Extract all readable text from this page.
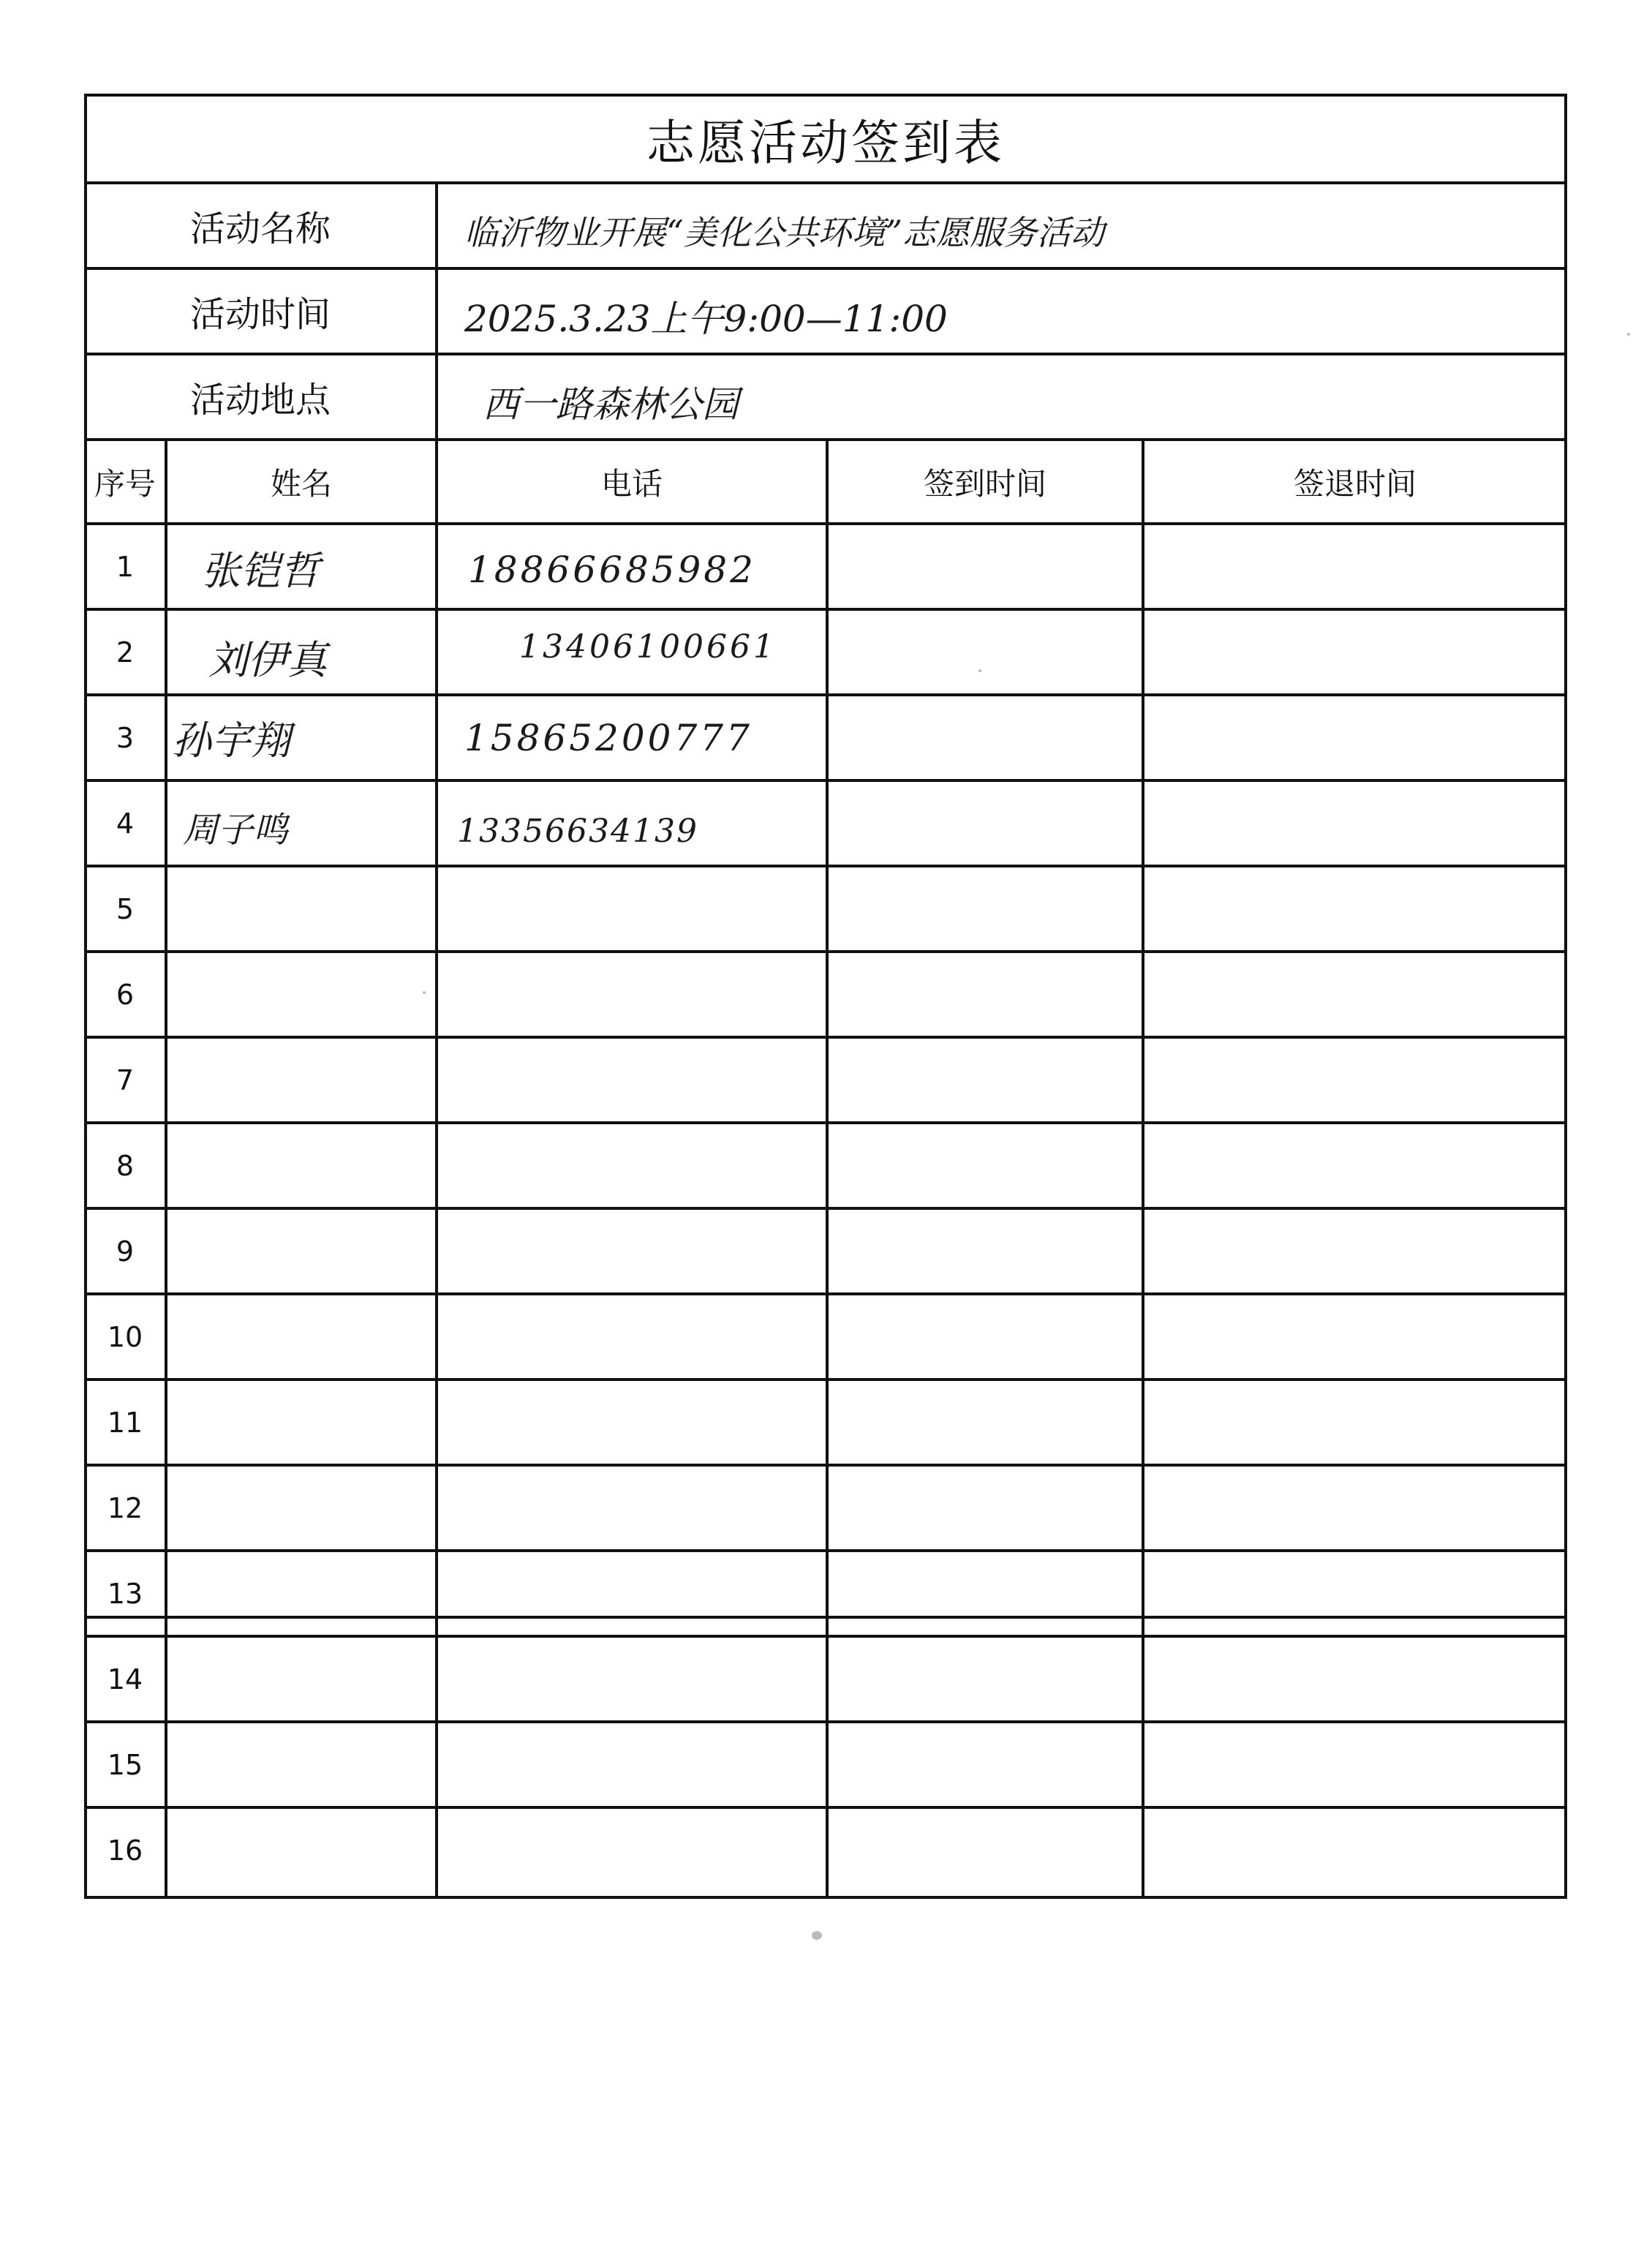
志愿活动签到表
活动名称	临沂物业开展“美化公共环境”志愿服务活动
活动时间	2025.3.23上午9:00—11:00
活动地点	西一路森林公园
序号	姓名	电话	签到时间	签退时间
1	张铠哲	18866685982
2	刘伊真	13406100661
3 孙宇翔	15865200777
4	周子鸣	13356634139
5
6
7
8
9
10
11
12
13
14
15
16
